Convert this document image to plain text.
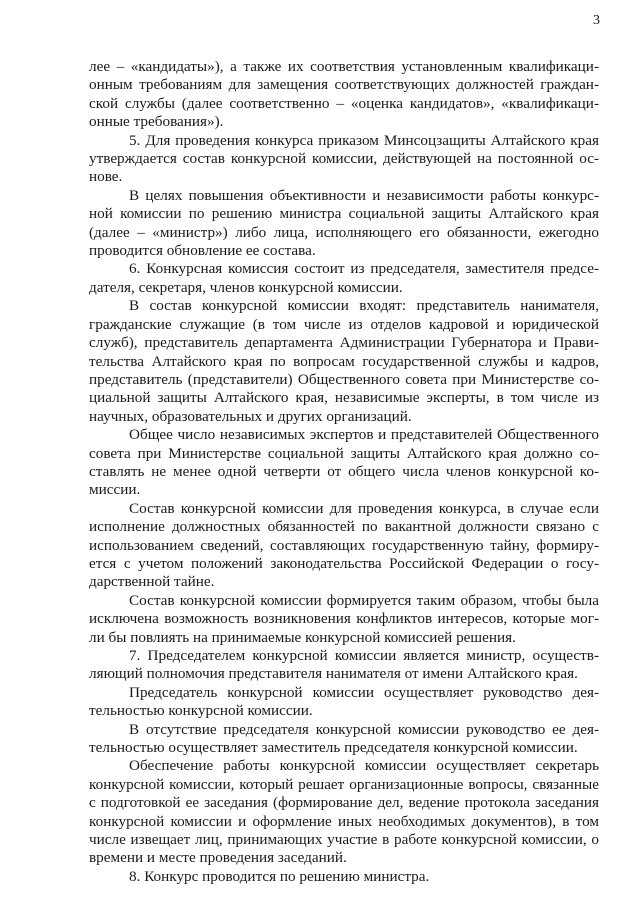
3

лее – «кандидаты»), а также их соответствия установленным квалификационным требованиям для замещения соответствующих должностей гражданской службы (далее соответственно – «оценка кандидатов», «квалификационные требования»).

5. Для проведения конкурса приказом Минсоцзащиты Алтайского края утверждается состав конкурсной комиссии, действующей на постоянной основе.

В целях повышения объективности и независимости работы конкурсной комиссии по решению министра социальной защиты Алтайского края (далее – «министр») либо лица, исполняющего его обязанности, ежегодно проводится обновление ее состава.

6. Конкурсная комиссия состоит из председателя, заместителя председателя, секретаря, членов конкурсной комиссии.

В состав конкурсной комиссии входят: представитель нанимателя, гражданские служащие (в том числе из отделов кадровой и юридической служб), представитель департамента Администрации Губернатора и Правительства Алтайского края по вопросам государственной службы и кадров, представитель (представители) Общественного совета при Министерстве социальной защиты Алтайского края, независимые эксперты, в том числе из научных, образовательных и других организаций.

Общее число независимых экспертов и представителей Общественного совета при Министерстве социальной защиты Алтайского края должно составлять не менее одной четверти от общего числа членов конкурсной комиссии.

Состав конкурсной комиссии для проведения конкурса, в случае если исполнение должностных обязанностей по вакантной должности связано с использованием сведений, составляющих государственную тайну, формируется с учетом положений законодательства Российской Федерации о государственной тайне.

Состав конкурсной комиссии формируется таким образом, чтобы была исключена возможность возникновения конфликтов интересов, которые могли бы повлиять на принимаемые конкурсной комиссией решения.

7. Председателем конкурсной комиссии является министр, осуществляющий полномочия представителя нанимателя от имени Алтайского края.

Председатель конкурсной комиссии осуществляет руководство деятельностью конкурсной комиссии.

В отсутствие председателя конкурсной комиссии руководство ее деятельностью осуществляет заместитель председателя конкурсной комиссии.

Обеспечение работы конкурсной комиссии осуществляет секретарь конкурсной комиссии, который решает организационные вопросы, связанные с подготовкой ее заседания (формирование дел, ведение протокола заседания конкурсной комиссии и оформление иных необходимых документов), в том числе извещает лиц, принимающих участие в работе конкурсной комиссии, о времени и месте проведения заседаний.

8. Конкурс проводится по решению министра.
